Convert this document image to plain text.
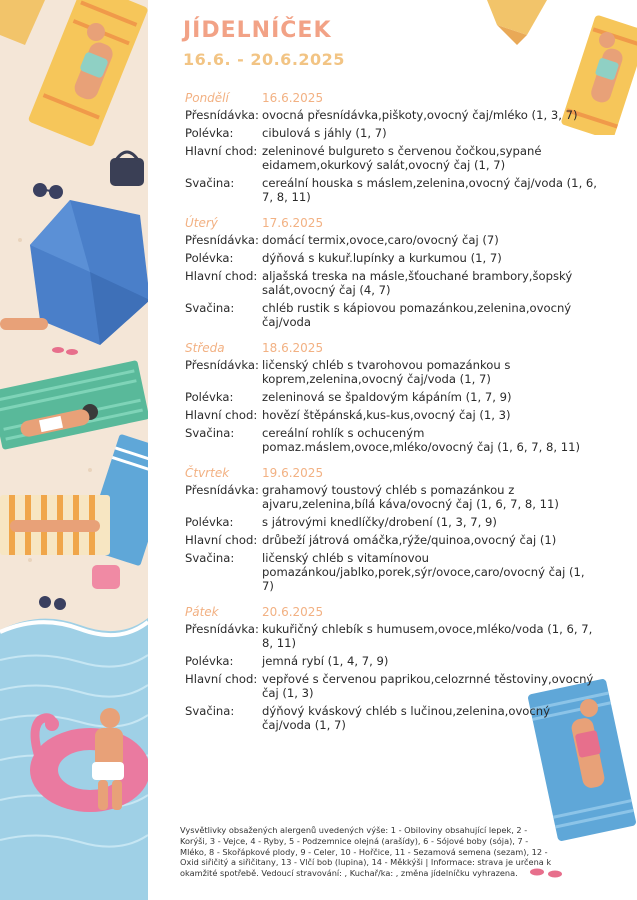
JÍDELNÍČEK
16.6. - 20.6.2025
Pondělí	16.6.2025
Přesnídávka: ovocná přesnídávka,piškoty,ovocný čaj/mléko (1, 3, 7)
Polévka:	cibulová s jáhly (1, 7)
Hlavní chod: zeleninové bulgureto s červenou čočkou,sypané eidamem,okurkový salát,ovocný čaj (1, 7)
Svačina:	cereální houska s máslem,zelenina,ovocný čaj/voda (1, 6, 7, 8, 11)
Úterý	17.6.2025
Přesnídávka: domácí termix,ovoce,caro/ovocný čaj (7)
Polévka:	dýňová s kukuř.lupínky a kurkumou (1, 7)
Hlavní chod: aljašská treska na másle,šťouchané brambory,šopský salát,ovocný čaj (4, 7)
Svačina:	chléb rustik s kápiovou pomazánkou,zelenina,ovocný čaj/voda
Středa	18.6.2025
Přesnídávka: ličenský chléb s tvarohovou pomazánkou s koprem,zelenina,ovocný čaj/voda (1, 7)
Polévka:	zeleninová se špaldovým kápáním (1, 7, 9)
Hlavní chod: hovězí štěpánská,kus-kus,ovocný čaj (1, 3)
Svačina:	cereální rohlík s ochuceným pomaz.máslem,ovoce,mléko/ovocný čaj (1, 6, 7, 8, 11)
Čtvrtek	19.6.2025
Přesnídávka: grahamový toustový chléb s pomazánkou z ajvaru,zelenina,bílá káva/ovocný čaj (1, 6, 7, 8, 11)
Polévka:	s játrovými knedlíčky/drobení (1, 3, 7, 9)
Hlavní chod: drůbeží játrová omáčka,rýže/quinoa,ovocný čaj (1)
Svačina:	ličenský chléb s vitamínovou pomazánkou/jablko,porek,sýr/ovoce,caro/ovocný čaj (1, 7)
Pátek	20.6.2025
Přesnídávka: kukuřičný chlebík s humusem,ovoce,mléko/voda (1, 6, 7, 8, 11)
Polévka:	jemná rybí (1, 4, 7, 9)
Hlavní chod: vepřové s červenou paprikou,celozrnné těstoviny,ovocný čaj (1, 3)
Svačina:	dýňový kváskový chléb s lučinou,zelenina,ovocný čaj/voda (1, 7)
Vysvětlivky obsažených alergenů uvedených výše: 1 - Obiloviny obsahující lepek, 2 - Korýši, 3 - Vejce, 4 - Ryby, 5 - Podzemnice olejná (arašídy), 6 - Sójové boby (sója), 7 - Mléko, 8 - Skořápkové plody, 9 - Celer, 10 - Hořčice, 11 - Sezamová semena (sezam), 12 - Oxid siřičitý a siřičitany, 13 - Vlčí bob (lupina), 14 - Měkkýši | Informace: strava je určena k okamžité spotřebě. Vedoucí stravování: , Kuchař/ka: , změna jídelníčku vyhrazena.
